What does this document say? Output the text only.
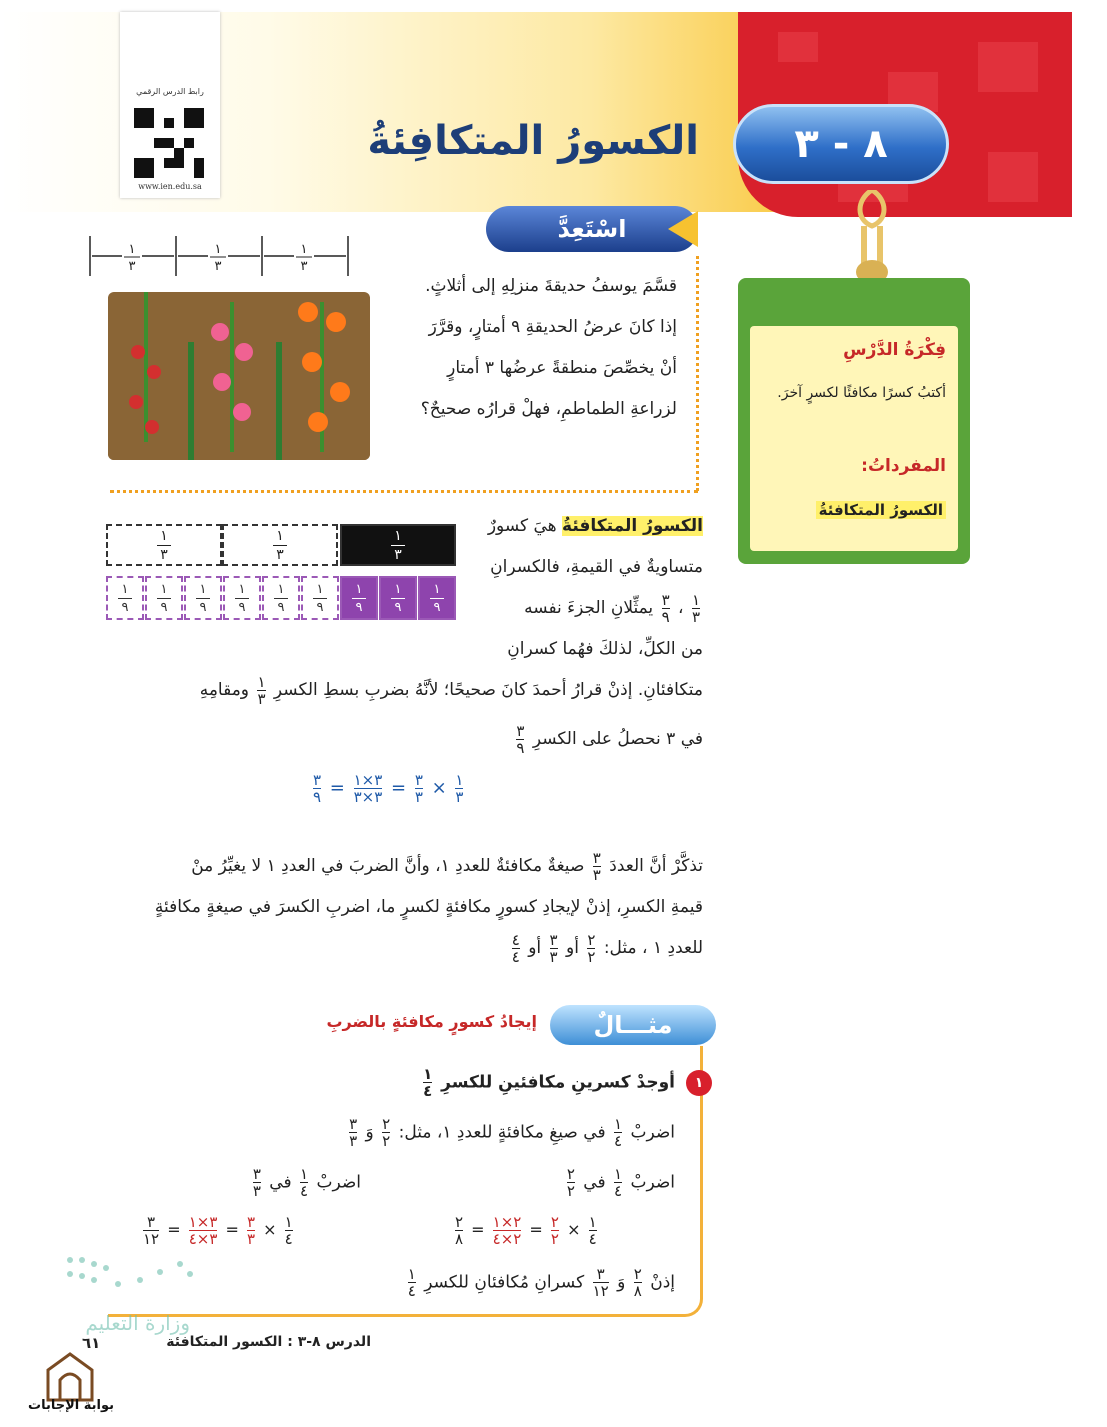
رابط الدرس الرقمي
www.ien.edu.sa
٨ - ٣
الكسورُ المتكافِئةُ
فِكْرَةُ الدَّرْسِ
أكتبُ كسرًا مكافئًا لكسرٍ آخرَ.
المفرداتُ:
الكسورُ المتكافئةُ
اسْتَعِدَّ
قسَّمَ يوسفُ حديقةَ منزلِهِ إلى أثلاثٍ.
إذا كانَ عرضُ الحديقةِ ٩ أمتارٍ، وقرَّرَ
أنْ يخصِّصَ منطقةً عرضُها ٣ أمتارٍ
لزراعةِ الطماطمِ، فهلْ قرارُه صحيحٌ؟
١
٣
١
٣
١
٣
١
٣
١
٣
١
٣
١
٩
١
٩
١
٩
١
٩
١
٩
١
٩
١
٩
١
٩
١
٩
الكسورُ المتكافئةُ هيَ كسورٌ
متساويةٌ في القيمةِ، فالكسرانِ
١
٣
،
٣
٩
يمثِّلانِ الجزءَ نفسه
من الكلِّ، لذلكَ فهُما كسرانِ
متكافئانِ. إذنْ قرارُ أحمدَ كانَ صحيحًا؛ لأنَّهُ بضربِ بسطِ الكسرِ
١
٣
ومقامِهِ
في ٣ نحصلُ على الكسرِ
٣
٩
٣
٩ = ٣×١
٣×٣ = ٣
٣ × ١
٣
تذكَّرْ أنَّ العددَ
٣
٣
صيغةٌ مكافئةٌ للعددِ ١، وأنَّ الضربَ في العددِ ١ لا يغيِّرُ منْ
قيمةِ الكسرِ، إذنْ لإيجادِ كسورٍ مكافئةٍ لكسرٍ ما، اضربِ الكسرَ في صيغةٍ مكافئةٍ
للعددِ ١ ، مثل:
٢
٢
أو
٣
٣
أو
٤
٤
مثـــالٌ
إيجادُ كسورٍ مكافئةٍ بالضربِ
١
أوجدْ كسرينِ مكافئينِ للكسرِ
١
٤
اضربْ
١
٤
في صيغِ مكافئةٍ للعددِ ١، مثل:
٢
٢
وَ
٣
٣
اضربْ
١
٤
في
٢
٢
٢
٨ = ٢×١
٢×٤ = ٢
٢ × ١
٤
اضربْ
١
٤
في
٣
٣
٣
١٢ = ٣×١
٣×٤ = ٣
٣ × ١
٤
إذنْ
٢
٨
وَ
٣
١٢
كسرانِ مُكافئانِ للكسرِ
١
٤
وزارة التعليم
الدرس ٨-٣ : الكسور المتكافئة
٦١
بوابة الإجابات
